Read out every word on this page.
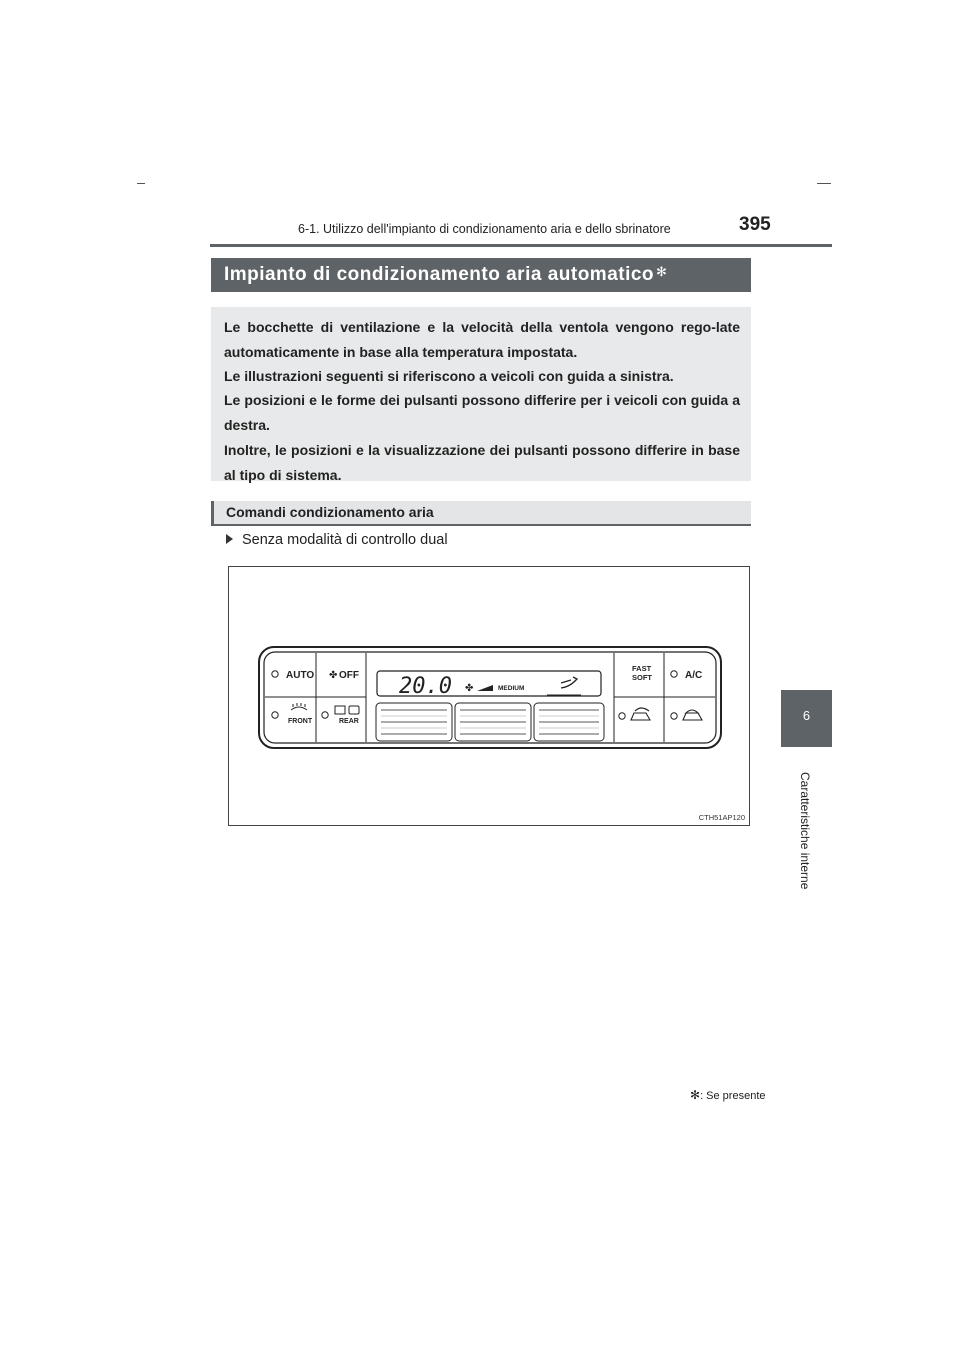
6-1. Utilizzo dell'impianto di condizionamento aria e dello sbrinatore	395
6
Caratteristiche interne
Impianto di condizionamento aria automatico ✻

Le bocchette di ventilazione e la velocità della ventola vengono rego-late automaticamente in base alla temperatura impostata.

Le illustrazioni seguenti si riferiscono a veicoli con guida a sinistra.

Le posizioni e le forme dei pulsanti possono differire per i veicoli con guida a destra.

Inoltre, le posizioni e la visualizzazione dei pulsanti possono differire in base al tipo di sistema.

Comandi condizionamento aria
Senza modalità di controllo dual
AUTO ✤ OFF
FRONT	REAR
20.0 ✤	MEDIUM
FAST
SOFT	A/C
CTH51AP120
✻: Se presente
